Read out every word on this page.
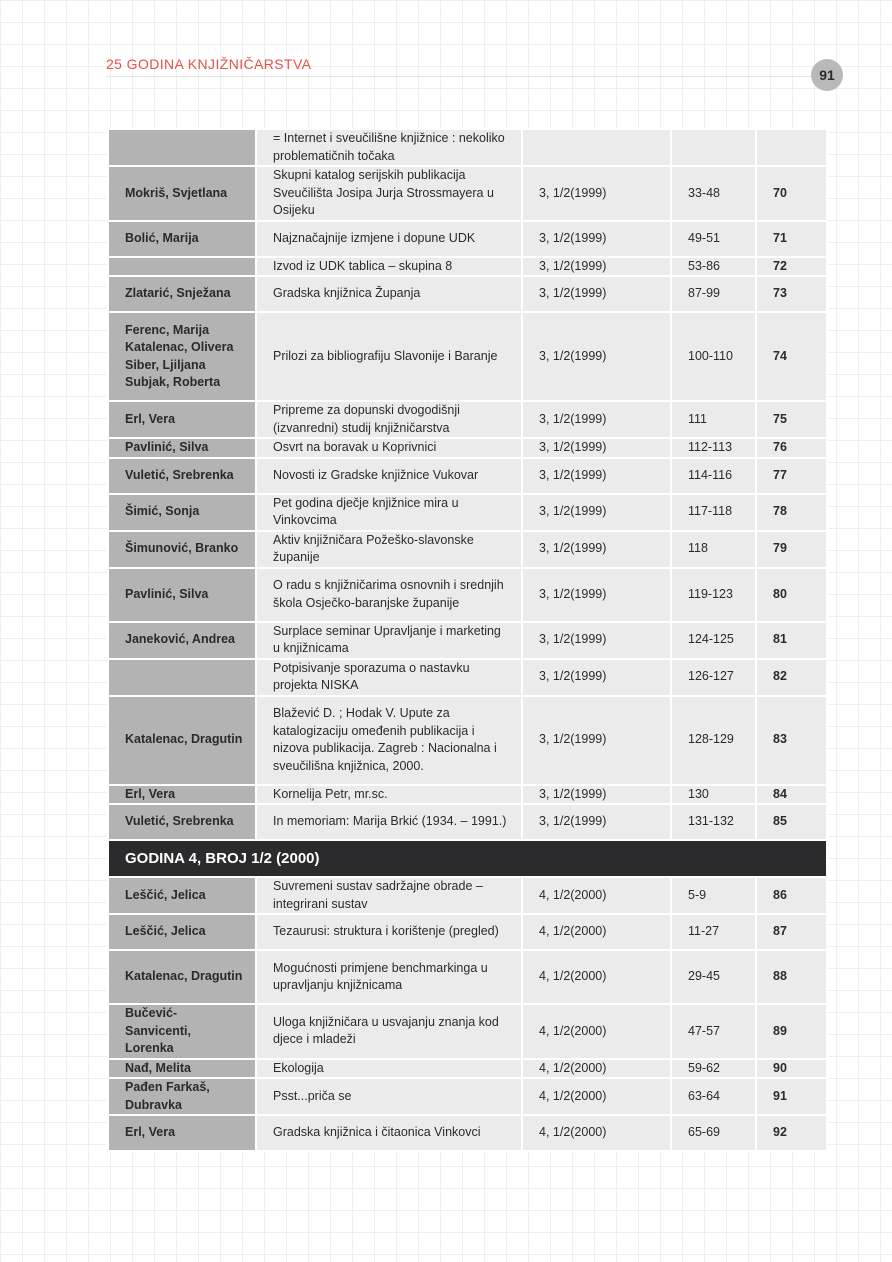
25 GODINA KNJIŽNIČARSTVA
91
	= Internet i sveučilišne knjižnice : nekoliko problematičnih točaka			
Mokriš, Svjetlana	Skupni katalog serijskih publikacija Sveučilišta Josipa Jurja Strossmayera u Osijeku	3, 1/2(1999)	33-48	70
Bolić, Marija	Najznačajnije izmjene i dopune UDK	3, 1/2(1999)	49-51	71
	Izvod iz UDK tablica – skupina 8	3, 1/2(1999)	53-86	72
Zlatarić, Snježana	Gradska knjižnica Županja	3, 1/2(1999)	87-99	73
Ferenc, Marija Katalenac, Olivera Siber, Ljiljana Subjak, Roberta	Prilozi za bibliografiju Slavonije i Baranje	3, 1/2(1999)	100-110	74
Erl, Vera	Pripreme za dopunski dvogodišnji (izvanredni) studij knjižničarstva	3, 1/2(1999)	111	75
Pavlinić, Silva	Osvrt na boravak u Koprivnici	3, 1/2(1999)	112-113	76
Vuletić, Srebrenka	Novosti iz Gradske knjižnice Vukovar	3, 1/2(1999)	114-116	77
Šimić, Sonja	Pet godina dječje knjižnice mira u Vinkovcima	3, 1/2(1999)	117-118	78
Šimunović, Branko	Aktiv knjižničara Požeško-slavonske županije	3, 1/2(1999)	118	79
Pavlinić, Silva	O radu s knjižničarima osnovnih i srednjih škola Osječko-baranjske županije	3, 1/2(1999)	119-123	80
Janeković, Andrea	Surplace seminar Upravljanje i marketing u knjižnicama	3, 1/2(1999)	124-125	81
	Potpisivanje sporazuma o nastavku projekta NISKA	3, 1/2(1999)	126-127	82
Katalenac, Dragutin	Blažević D. ; Hodak V. Upute za katalogizaciju omeđenih publikacija i nizova publikacija. Zagreb : Nacionalna i sveučilišna knjižnica, 2000.	3, 1/2(1999)	128-129	83
Erl, Vera	Kornelija Petr, mr.sc.	3, 1/2(1999)	130	84
Vuletić, Srebrenka	In memoriam: Marija Brkić (1934. – 1991.)	3, 1/2(1999)	131-132	85
GODINA 4, BROJ 1/2 (2000)				
Leščić, Jelica	Suvremeni sustav sadržajne obrade – integrirani sustav	4, 1/2(2000)	5-9	86
Leščić, Jelica	Tezaurusi: struktura i korištenje (pregled)	4, 1/2(2000)	11-27	87
Katalenac, Dragutin	Mogućnosti primjene benchmarkinga u upravljanju knjižnicama	4, 1/2(2000)	29-45	88
Bučević-Sanvicenti, Lorenka	Uloga knjižničara u usvajanju znanja kod djece i mladeži	4, 1/2(2000)	47-57	89
Nađ, Melita	Ekologija	4, 1/2(2000)	59-62	90
Pađen Farkaš, Dubravka	Psst...priča se	4, 1/2(2000)	63-64	91
Erl, Vera	Gradska knjižnica i čitaonica Vinkovci	4, 1/2(2000)	65-69	92
